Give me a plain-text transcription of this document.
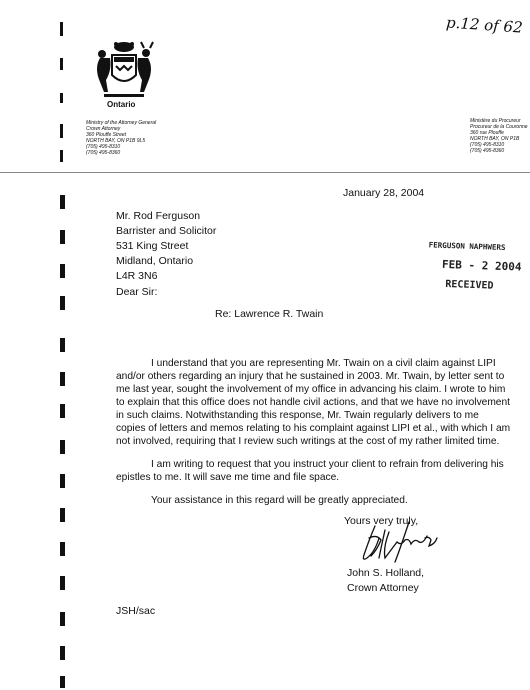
p.12 of 62
Ontario
Ministry of the Attorney General
Crown Attorney
360 Plouffe Street
NORTH BAY, ON P1B 9L5
(705) 495-8310
(705) 495-8360
Ministère du Procureur
Procureur de la Couronne
360 rue Plouffe
NORTH BAY, ON P1B
(705) 495-8310
(705) 495-8360
January 28, 2004
Mr. Rod Ferguson
Barrister and Solicitor
531 King Street
Midland, Ontario
L4R 3N6
FERGUSON NAPHWERS
FEB - 2 2004
RECEIVED
Dear Sir:
Re: Lawrence R. Twain
I understand that you are representing Mr. Twain on a civil claim against LIPI
and/or others regarding an injury that he sustained in 2003. Mr. Twain, by letter sent to
me last year, sought the involvement of my office in advancing his claim. I wrote to him
to explain that this office does not handle civil actions, and that we have no involvement
in such claims. Notwithstanding this response, Mr. Twain regularly delivers to me
copies of letters and memos relating to his complaint against LIPI et al., with which I am
not involved, requiring that I review such writings at the cost of my rather limited time.
I am writing to request that you instruct your client to refrain from delivering his
epistles to me. It will save me time and file space.
Your assistance in this regard will be greatly appreciated.
Yours very truly,
John S. Holland,
Crown Attorney
JSH/sac
